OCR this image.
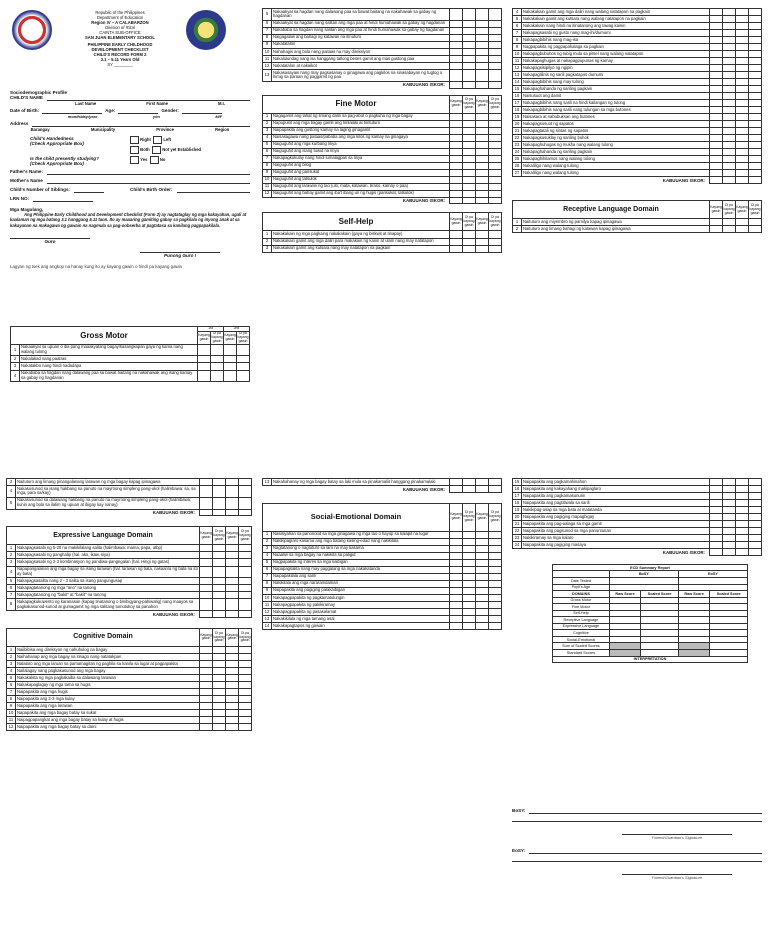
Republic of the Philippines
Department of Education
Region IV – A CALABARZON
Division of Rizal
CAINTA SUB-OFFICE
SAN JUAN ELEMENTARY SCHOOL
PHILIPPINE EARLY CHILDHOOD
DEVELOPMENT CHECKLIST
CHILD'S RECORD FORM 2
3.1 – 5.11 Years Old
SY ________
Sociodemographic Profile
CHILD'S NAME
Last Name	First Name	M.I.
Date of Birth:	Age:	Gender:
month/day/year	y/m	M/F
Address
Barangay	Municipality	Province	Region
Child's Handedness
(Check Appropriate Box)
Right	Left
Both	Not yet Established
Is the child presently studying?
(Check Appropriate Box)
Yes	No
Father's Name:
Mother's Name
Child's Number of Siblings:	Child's Birth Order:
LRN NO:
Mga Magulang,
Ang Philippine Early Childhood and Development Checklist (Form 2) ay nagtataglay ng mga kakayahan, ugali at kaalaman ng mga batang 3.1 hanggang 5.11 taon. Ito ay maaaring gamiting gabay sa pagkilala ng inyong anak at sa kakayanan na makagawa ng gawain na nagmula sa pag-oobserba at pagtatasa sa kanilang pagpapakilala.
Guro
Punong Guro I
Lagyan ng tsek ang angkop na hanay kung ito ay kayang gawin o hindi pa kayang gawin
Gross Motor		1st		2nd	
		Kayang gawin	Di pa kayang gawin	Kayang gawin	Di pa kayang gawin
1	Nakaakyat sa upuan o iba pang maaakyatang bagay/kasangkapan gaya ng kama nang walang tulong				
2	Nakalakad nang paatras				
3	Nakatakbo nang hindi nadadapa				
4	Nakababa sa hagdan nang dalawang paa sa bawat baitang na nakahawak ang isang kamay sa gabay ng hagdanan				
5	Nakaakyat sa hagdan nang dalawang paa sa bawat baitang na nakahawak sa gabay ng hagdanan				
6	Nakaakyat sa hagdan nang salitan ang mga paa at hindi humahawak sa gabay ng hagdanan				
7	Nakababa sa hagdan nang salitan ang mga paa at hindi humahawak sa gabay ng hagdanan				
8	Naigagalaw ang bahagi ng katawan na itinuturo				
9	Nakatatalon				
10	Nahahagis ang bola nang paitaas na may direksiyon				
11	Nakalulundag nang isa hanggang tatlong beses gamit ang mas gustong paa				
12	Nakatatalon at nakaikot				
13	Nakasasayaw nang may pagsasanay o ginagawa ang pagkilos na sinasabayan ng tugtog o himig sa paraan ng paggamit ng paa				
KABUUANG ISKOR:					
Fine Motor		Kayang gawin	Di pa kayang gawin	Kayang gawin	Di pa kayang gawin
1	Nagagamit ang lahat ng limang daliri sa pag-abot o pagkuha ng mga bagay				
2	Napupulot ang mga bagay gamit ang hinlalaki at hintuturo				
3	Naipapakita ang gustong kamay na laging ginagamit				
4	Naisasagawa nang pataas/pababa ang mga kilos ng kamay na ginagaya				
5	Naiguguhit ang mga kurbang linya				
6	Naiguguhit ang isang tuwid na linya				
7	Nakapagkukulay nang hindi lumalagpas sa linya				
8	Naiguguhit ang bilog				
9	Naiguguhit ang parisukat				
10	Naiguguhit ang tatsulok				
11	Naiguguhit ang larawan ng tao (ulo, mata, katawan, braso, kamay o paa)				
12	Naiguguhit ang bahay gamit ang iba't ibang uri ng hugis (parisukat, tatsulok)				
KABUUANG ISKOR:					
Self-Help		Kayang gawin	Di pa kayang gawin	Kayang gawin	Di pa kayang gawin
1	Nakakakain ng mga pagkaing nakakakain (gaya ng biskwit at tinapay)				
2	Nakakakain gamit ang mga daliri para makakain ng kanin at ulam nang may natatapon				
3	Nakakakain gamit ang kutsara nang may natatapon na pagkain				
4	Nakakakain gamit ang mga daliri nang walang natatapon na pagkain				
5	Nakakakain gamit ang kutsara nang walang natatapon na pagkain				
6	Nakakakain nang hindi na itinatanong ang tawag kainin				
7	Nakapagsasabi ng gusto nang mag-ihi/dumumi				
8	Nakapagbibihis nang mag-isa				
9	Nagpapakita ng pagpapahalaga sa pagkain				
10	Nakapagbubuhos ng tubig mula sa pitsel nang walang natatapon				
11	Nakakapaghugas at nakapagpupunas ng kamay				
12	Nakapagsisipilyo ng ngipin				
13	Nakapaglilinis ng sarili pagkatapos dumumi				
14	Nakapagbibihis nang may tulong				
15	Nakapaghahanda ng sariling pagkain				
16	Naisusuot ang damit				
17	Nakapagbibihis nang sarili na hindi kailangan ng tulong				
18	Nakapagbibihis nang sarili nang tulungan sa mga butones				
19	Naisasara at nabubuksan ang butones				
20	Nakapagsusuot ng sapatos				
21	Nakapagtatali ng sintas ng sapatos				
22	Nakapagsusuklay ng sariling buhok				
23	Nakapaghuhugas ng mukha nang walang tulong				
24	Nakapaghahanda ng sariling pagkain				
25	Nakapaghihilamos nang walang tulong				
26	Nakaliligo nang walang tulong				
27	Nakaliligo nang walang tulong				
KABUUANG ISKOR:					
Receptive Language Domain		Kayang gawin	Di pa kayang gawin	Kayang gawin	Di pa kayang gawin
1	Naituturo ang miyembro ng pamilya kapag ipinagawa				
2	Naituturo ang limang bahagi ng katawan kapag ipinagawa				
3	Naituturo ang limang pinangalanang larawan ng mga bagay kapag ipinagawa				
4	Nakasusunod sa isang hakbang na panuto na mayroong simpleng pang-ukol (halimbawa: sa, sa mga, para sa/kay)				
5	Nakasusunod sa dalawang hakbang na panuto na mayroong simpleng pang-ukol (halimbawa: kunin ang bola sa ilalim ng upuan at ibigay kay nanay)				
KABUUANG ISKOR:					
Expressive Language Domain		Kayang gawin	Di pa kayang gawin	Kayang gawin	Di pa kayang gawin
1	Nakapagsasabi ng 5-20 na makikilalang salita (halimbawa: mama, papa, atbp)				
2	Nakapagsasabi ng panghalip (hal. ako, ikaw, siya)				
3	Nakapagsasabi ng 2-3 kombinasyon ng pandiwa-pangngalan (hal. Hingi ng gatas)				
4	Napapangalanan ang mga bagay sa isang larawan (hal. larawan ng bata, nasaan/a ng bata na ito ay bata)				
5	Nakapagsasalita nang 2 - 3 salita sa isang pangungusap				
6	Nakapagtatanong ng mga "ano" na tanong				
7	Nakapagtatanong ng "bakit" at "bakit" na tanong				
8	Nakapagkukuwento ng karanasan (kapag tinatanong o binibigyang-pahiwatig) nang maayos sa pagkakasunod-sunod at gumagamit ng mga salitang tumutukoy sa panahon				
KABUUANG ISKOR:					
Cognitive Domain		Kayang gawin	Di pa kayang gawin	Kayang gawin	Di pa kayang gawin
1	Naiibibisa ang direksyon ng nahuhulog na bagay				
2	Naihahanap ang mga bagay na itinago nang natatakpan				
3	Nalalaro ang mga laruan sa pamamagitan ng paghila sa kanila sa lugar at pagpapakita				
4	Nailalagay nang pagkakasunod ang mga bagay				
5	Nakakakita ng mga pagkakaiba sa dalawang larawan				
6	Nakakapaglagay ng mga tama sa hugis				
7	Naipapakita ang mga hugis				
8	Naipapakita ang 2-3 mga kulay				
9	Naipapakita ang mga larawan				
10	Napapakita ang mga bagay batay sa sukat				
11	Naipagpapangkat ang mga bagay batay sa kulay at hugis				
12	Naipapakita ang mga bagay batay sa dami				
13	Nakahahanay ng mga bagay batay sa laki mula sa pinakamaliit hanggang pinakamalaki				
KABUUANG ISKOR:					
Social-Emotional Domain		Kayang gawin	Di pa kayang gawin	Kayang gawin	Di pa kayang gawin
1	Nasisiyahan sa panonood sa mga ginagawa ng mga tao o hayop sa kalapit na lugar				
2	Nakikipaglaro kasama ang mga batang kasing-edad nang nakikilala				
3	Nagtatanong o nagtuturo sa laro na may kasama				
4	Naaaliw sa mga bagay na nakikita sa paligid				
5	Nagpapakita ng interes sa mga kaibigan				
6	Napapagsalita nang may paggalang sa mga nakakatanda				
7	Naipapakilala ang sarili				
8	Nakikilala ang mga nararamdaman				
9	Naipapakita ang pagiging palakaibigan				
10	Nakapagpapakita ng pagkamatulungin				
11	Nakapagpapakita ng pakikiramay				
12	Nakapagpapakita ng pasasalamat				
13	Nakakikilala ng mga tamang asal				
14	Nakakapagtapos ng gawain				
15	Naipapakita ang pagkamahinahon				
16	Naipapakita ang kakayahang makipaglaro				
17	Naipapakita ang pagkamasunurin				
18	Naipapakita ang pagtitiwala sa sarili				
19	Nakikipag-usap sa mga bata at matatanda				
20	Naipapakita ang pagiging mapagbigay				
21	Naipapakita ang pag-aalaga sa mga gamit				
22	Naipapakita ang pagsunod sa mga panuntunan				
23	Nakikiramay sa mga kalaro				
24	Naipapakita ang pagiging masaya				
KABUUANG ISKOR:					
ECD Summary Report				
	BoSY		EoSY	
Date Tested				
Pupil's Age				
DOMAINS	Raw Score	Scaled Score	Raw Score	Scaled Score
Gross Motor				
Fine Motor				
Self-Help				
Receptive Language				
Expressive Language				
Cognitive				
Social-Emotional				
Sum of Scaled Scores				
Standard Scores				
INTERPRETATION				
BoSY:
Parent/Guardian's Signature
EoSY:
Parent/Guardian's Signature
